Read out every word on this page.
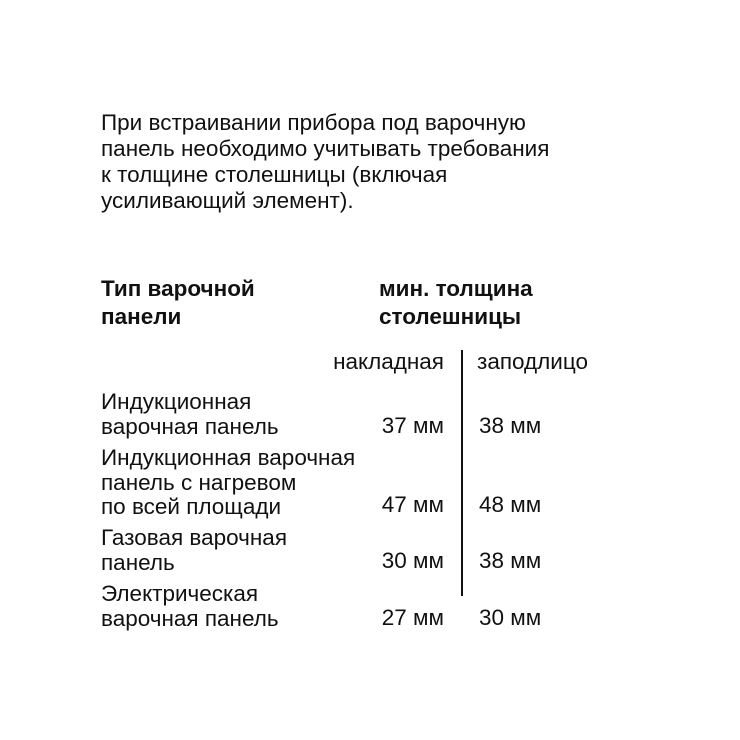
При встраивании прибора под варочную
панель необходимо учитывать требования
к толщине столешницы (включая
усиливающий элемент).

Тип варочной
панели

мин. толщина
столешницы

накладная заподлицо

Индукционная
варочная панель	37 мм 38 мм

Индукционная варочная
панель с нагревом
по всей площади	47 мм 48 мм

Газовая варочная
панель	30 мм 38 мм

Электрическая
варочная панель	27 мм 30 мм
